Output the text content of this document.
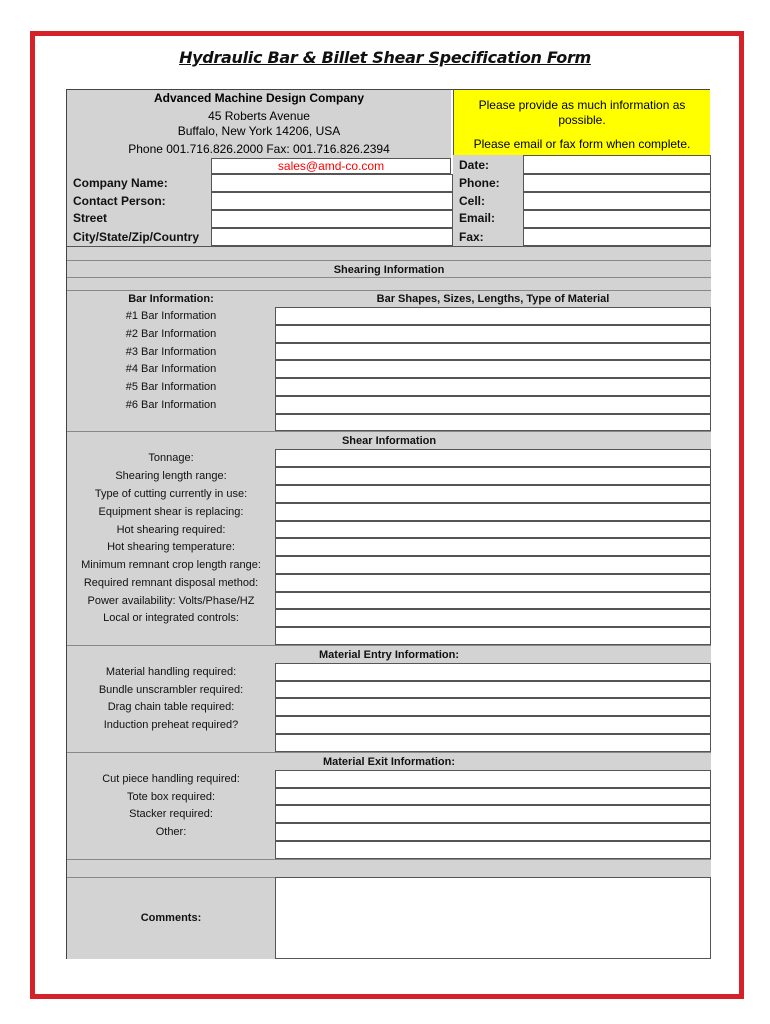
Hydraulic Bar & Billet Shear Specification Form
Advanced Machine Design Company
45 Roberts Avenue
Buffalo, New York 14206, USA
Phone 001.716.826.2000 Fax: 001.716.826.2394
sales@amd-co.com
Please provide as much information as possible.
Please email or fax form when complete.
Company Name:
Contact Person:
Street
City/State/Zip/Country
Date:
Phone:
Cell:
Email:
Fax:
Shearing Information
Bar Information:	Bar Shapes, Sizes, Lengths, Type of Material
#1 Bar Information
#2 Bar Information
#3 Bar Information
#4 Bar Information
#5 Bar Information
#6 Bar Information
Shear Information
Tonnage:
Shearing length range:
Type of cutting currently in use:
Equipment shear is replacing:
Hot shearing required:
Hot shearing temperature:
Minimum remnant crop length range:
Required remnant disposal method:
Power availability: Volts/Phase/HZ
Local or integrated controls:
Material Entry Information:
Material handling required:
Bundle unscrambler required:
Drag chain table required:
Induction preheat required?
Material Exit Information:
Cut piece handling required:
Tote box required:
Stacker required:
Other:
Comments:
